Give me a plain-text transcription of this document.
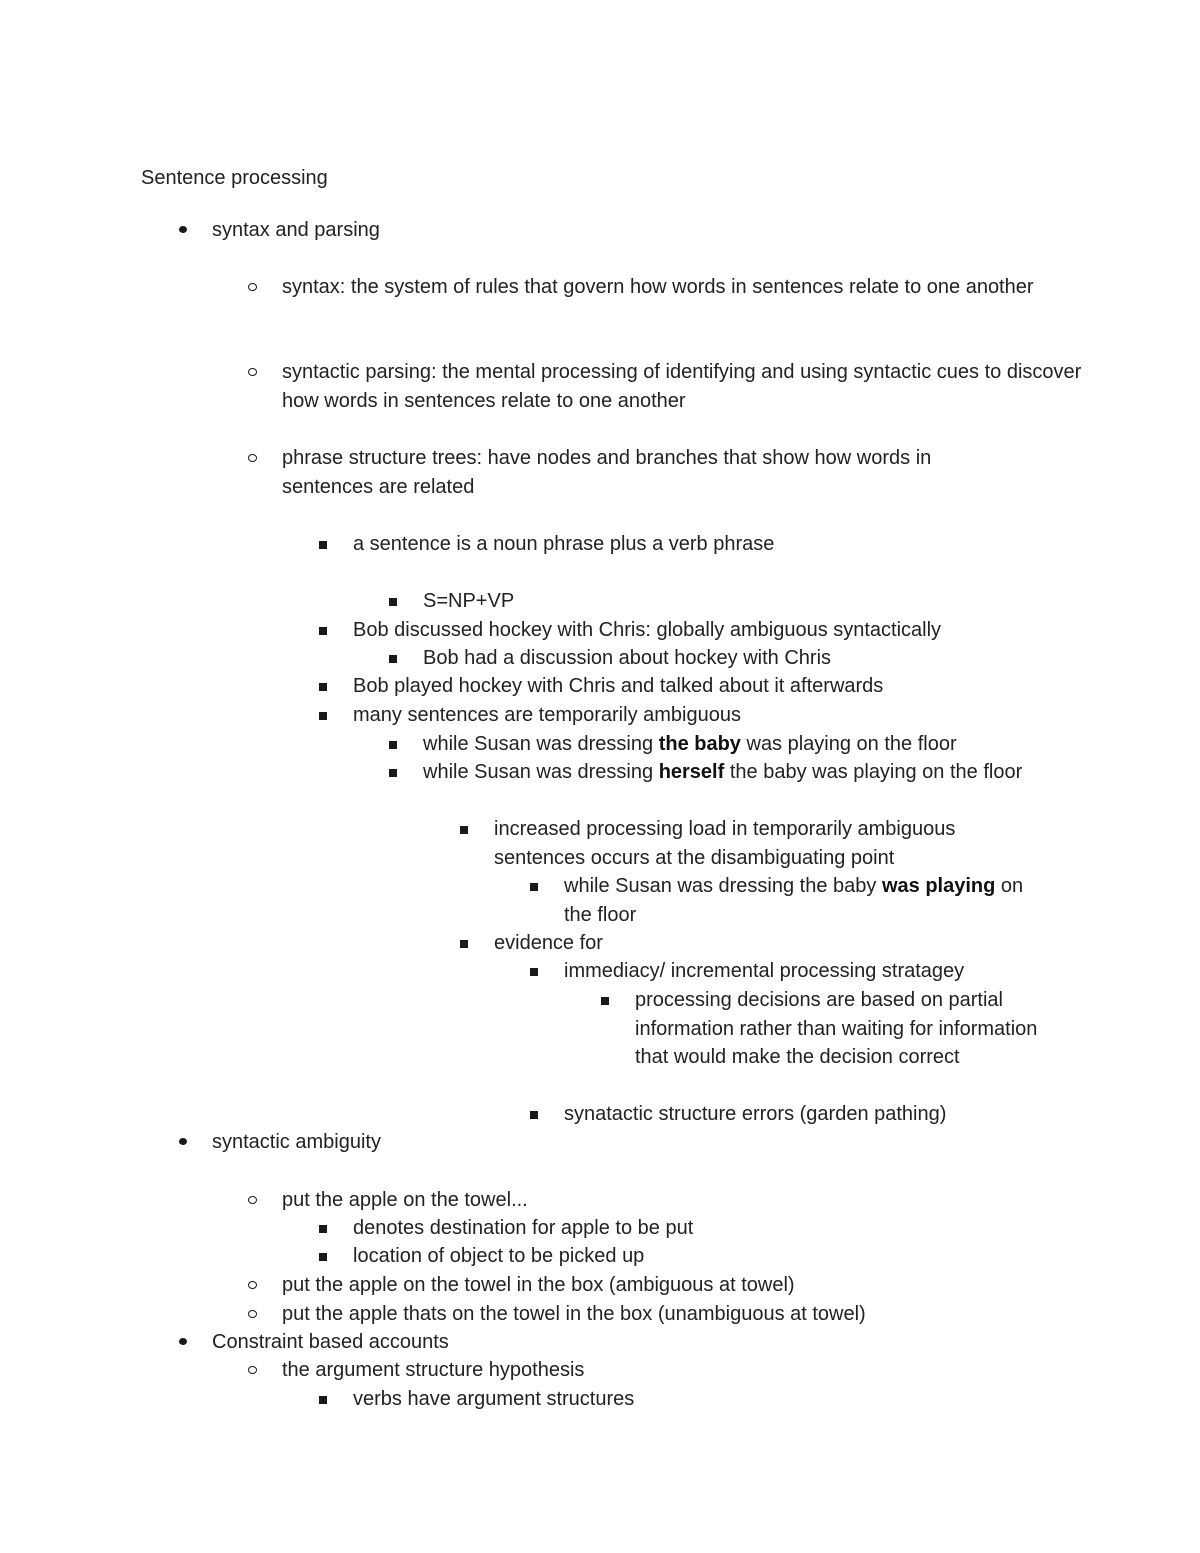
Sentence processing
syntax and parsing
syntax: the system of rules that govern how words in sentences relate to one another
syntactic parsing: the mental processing of identifying and using syntactic cues to discover how words in sentences relate to one another
phrase structure trees: have nodes and branches that show how words in sentences are related
a sentence is a noun phrase plus a verb phrase
S=NP+VP
Bob discussed hockey with Chris: globally ambiguous syntactically
Bob had a discussion about hockey with Chris
Bob played hockey with Chris and talked about it afterwards
many sentences are temporarily ambiguous
while Susan was dressing the baby was playing on the floor
while Susan was dressing herself the baby was playing on the floor
increased processing load in temporarily ambiguous sentences occurs at the disambiguating point
while Susan was dressing the baby was playing on the floor
evidence for
immediacy/ incremental processing stratagey
processing decisions are based on partial information rather than waiting for information that would make the decision correct
synatactic structure errors (garden pathing)
syntactic ambiguity
put the apple on the towel...
denotes destination for apple to be put
location of object to be picked up
put the apple on the towel in the box (ambiguous at towel)
put the apple thats on the towel in the box (unambiguous at towel)
Constraint based accounts
the argument structure hypothesis
verbs have argument structures
